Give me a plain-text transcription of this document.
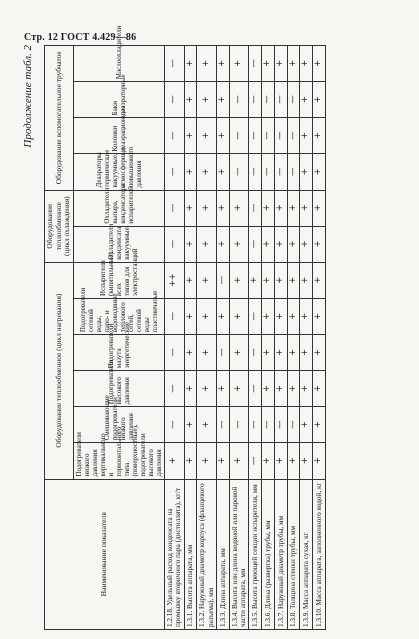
Стр. 12 ГОСТ 4.429—86
Продолжение табл. 2
Наименование показателя	Оборудование теплообменное (цикл нагревания)						Оборудование теплообменное (цикл охлаждения)		Оборудование вспомогательное трубчатое			
	Подогреватели низкого давления вертикального и горизонтального типа (поверхностные), подогреватели высокого давления	Смешивающие подогреватели низкого давления	Подогреватели высокого давления	Подогреватели мазута энергетические	Подогреватели сетевой воды, паро- и водоводяные теплового сетей, сетевой воды пластинчатые	Испарители (кипятильные) всех типов для электростанций	Охладители конденсата вакуумные	Охладители выпара, конденсатора испарителей	Деаэраторы термические вакуумные, атмосферные, повышенного давления	Колонки деаэрационные	Баки деаэраторные	Маслоохладители
1.2.18. Удельный расход конденсата на промывку вторичного пара (дистиллята), кг/т	+	—	—	—	—	++	—	—	—	—	—	—
1.3.1. Высота аппарата, мм	+	+	+	+	+	+	+	+	+	+	+	+
1.3.2. Наружный диаметр корпуса (фланцевого разъема), мм	+	+	+	+	+	+	+	+	+	+	+	+
1.3.3. Длина аппарата, мм	+	—	+	—	+	—	+	+	+	+	+	+
1.3.4. Высота или длина водяной или паровой части аппарата, мм	+	—	+	+	+	+	+	+	—	—	—	+
1.3.5. Высота греющей секции испарителя, мм	—	—	—	—	—	+	—	—	—	—	—	—
1.3.6. Длина (развертка) трубы, мм	+	—	+	+	+	+	+	+	—	—	—	+
1.3.7. Наружный диаметр трубы, мм	+	—	+	+	+	+	+	+	—	—	—	+
1.3.8. Толщина стенки трубы, мм	+	—	+	+	+	+	+	+	—	—	—	+
1.3.9. Масса аппарата сухая, кг	+	+	+	+	+	+	+	+	+	+	+	+
1.3.10. Масса аппарата, заполненного водой, кг	+	+	+	+	+	+	+	+	+	+	+	+
